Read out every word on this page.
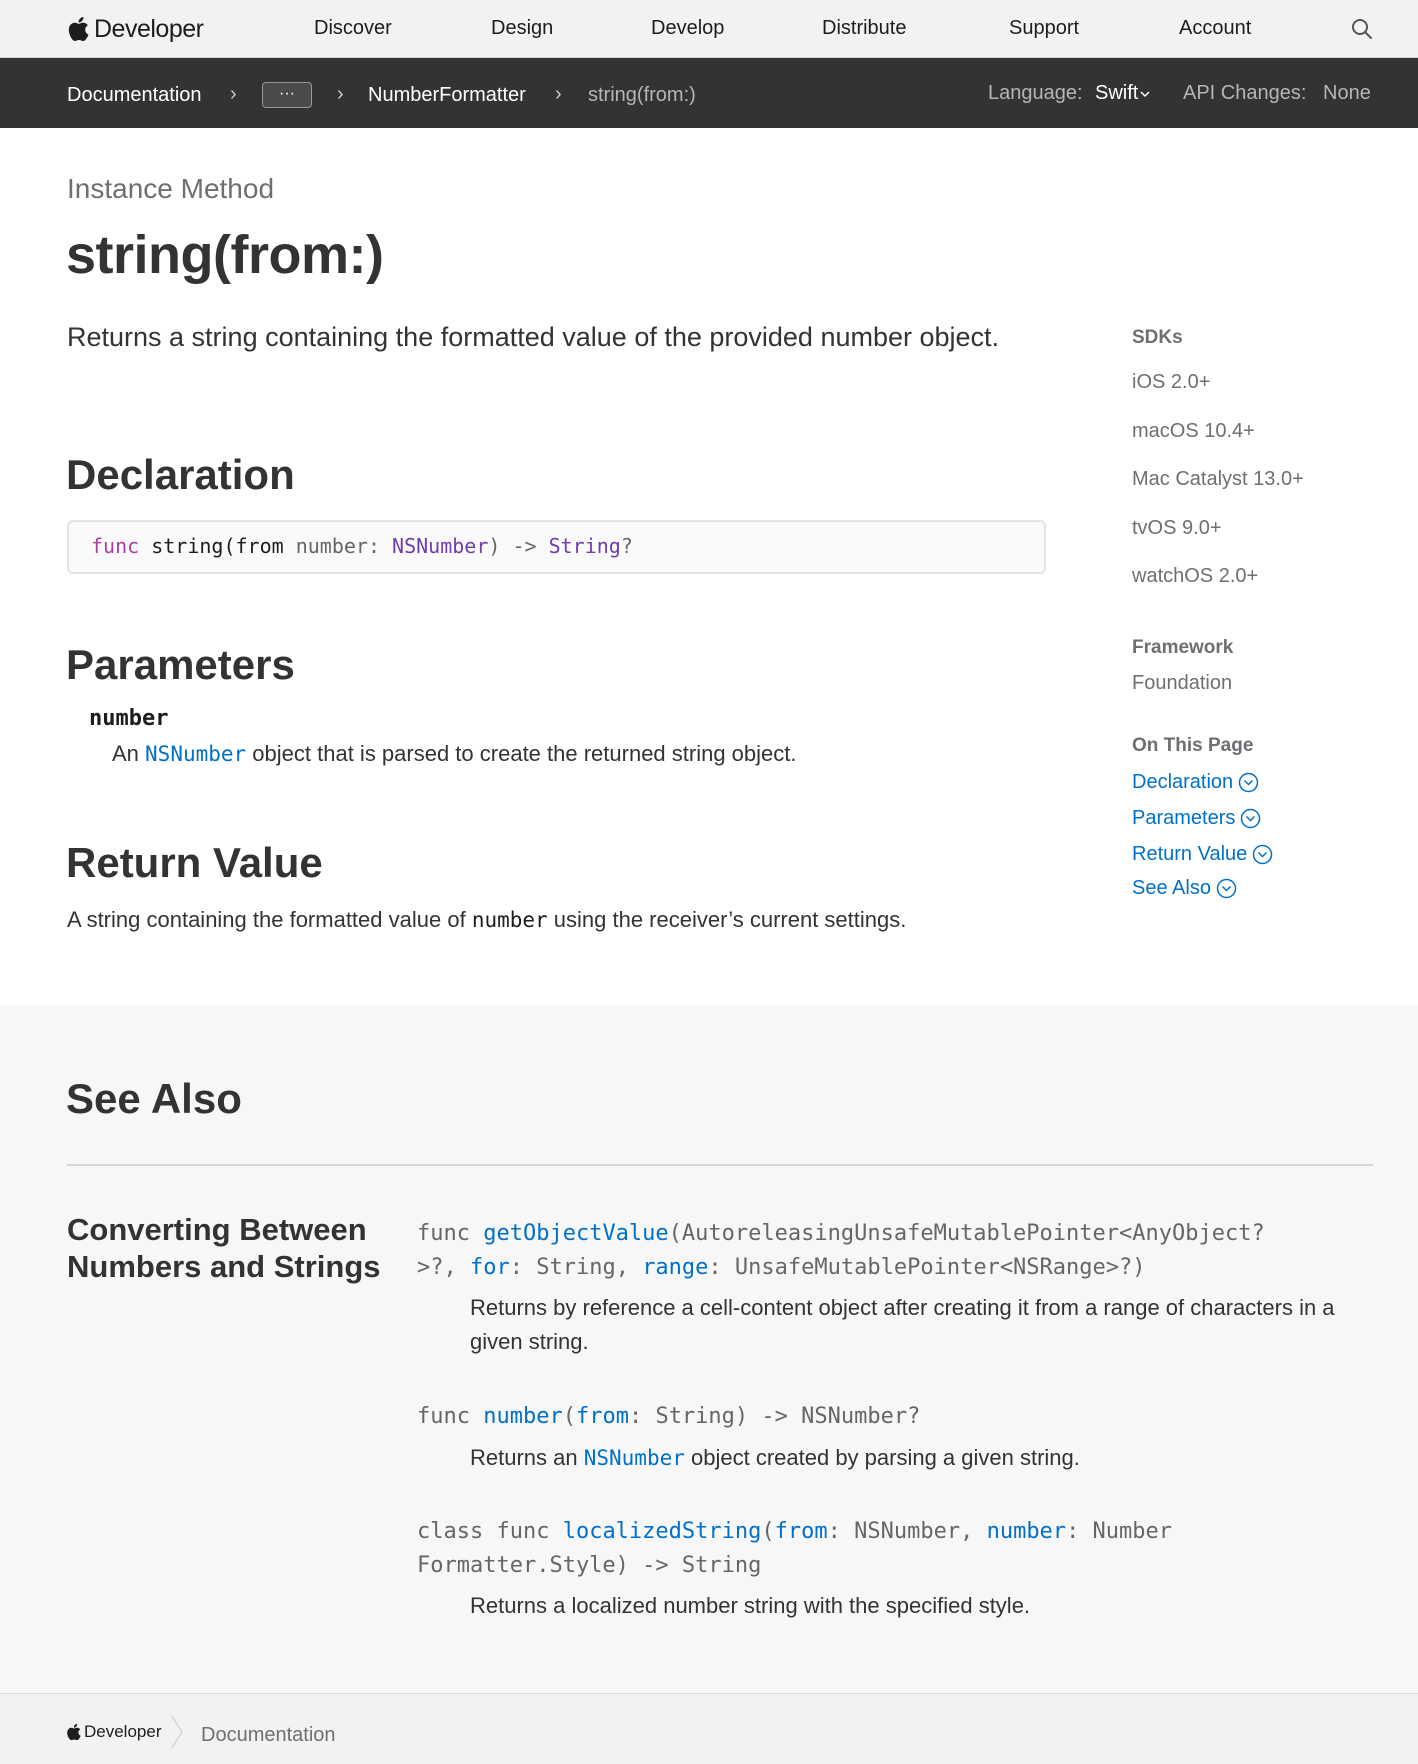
Developer	Discover	Design	Develop	Distribute	Support	Account
Documentation ›	···	› NumberFormatter › string(from:)	Language: Swift	API Changes: None
Instance Method
string(from:)

Returns a string containing the formatted value of the provided number object.

Declaration
func string(from number: NSNumber) -> String?
Parameters
number
An NSNumber object that is parsed to create the returned string object.
Return Value
A string containing the formatted value of number using the receiver’s current settings.
SDKs
iOS 2.0+
macOS 10.4+
Mac Catalyst 13.0+
tvOS 9.0+
watchOS 2.0+
Framework
Foundation
On This Page
Declaration
Parameters
Return Value
See Also
See Also
Converting Between Numbers and Strings
func getObjectValue(AutoreleasingUnsafeMutablePointer<AnyObject?
>?, for: String, range: UnsafeMutablePointer<NSRange>?)
Returns by reference a cell-content object after creating it from a range of characters in a given string.
func number(from: String) -> NSNumber?
Returns an NSNumber object created by parsing a given string.
class func localizedString(from: NSNumber, number: Number
Formatter.Style) -> String
Returns a localized number string with the specified style.
Developer Documentation
